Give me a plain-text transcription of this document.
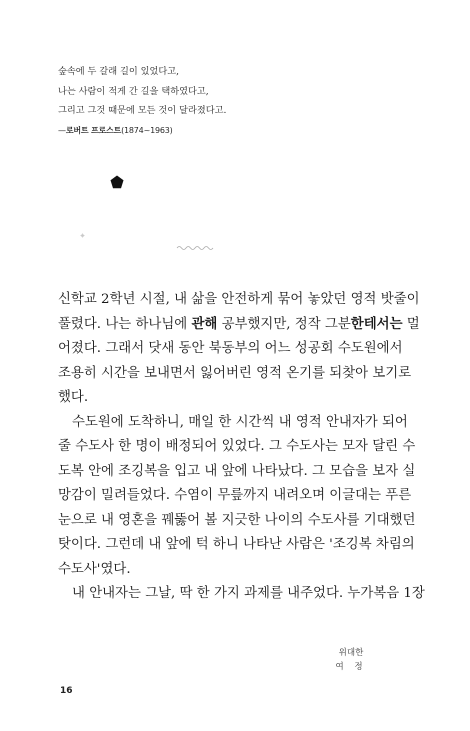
숲속에 두 갈래 길이 있었다고,
나는 사람이 적게 간 길을 택하였다고,
그리고 그것 때문에 모든 것이 달라졌다고.
—로버트 프로스트(1874~1963)

신학교 2학년 시절, 내 삶을 안전하게 묶어 놓았던 영적 밧줄이
풀렸다. 나는 하나님에 관해 공부했지만, 정작 그분한테서는 멀
어졌다. 그래서 닷새 동안 북동부의 어느 성공회 수도원에서
조용히 시간을 보내면서 잃어버린 영적 온기를 되찾아 보기로
했다.

수도원에 도착하니, 매일 한 시간씩 내 영적 안내자가 되어
줄 수도사 한 명이 배정되어 있었다. 그 수도사는 모자 달린 수
도복 안에 조깅복을 입고 내 앞에 나타났다. 그 모습을 보자 실
망감이 밀려들었다. 수염이 무릎까지 내려오며 이글대는 푸른
눈으로 내 영혼을 꿰뚫어 볼 지긋한 나이의 수도사를 기대했던
탓이다. 그런데 내 앞에 턱 하니 나타난 사람은 '조깅복 차림의
수도사'였다.

내 안내자는 그날, 딱 한 가지 과제를 내주었다. 누가복음 1장

위대한
여 정
16
